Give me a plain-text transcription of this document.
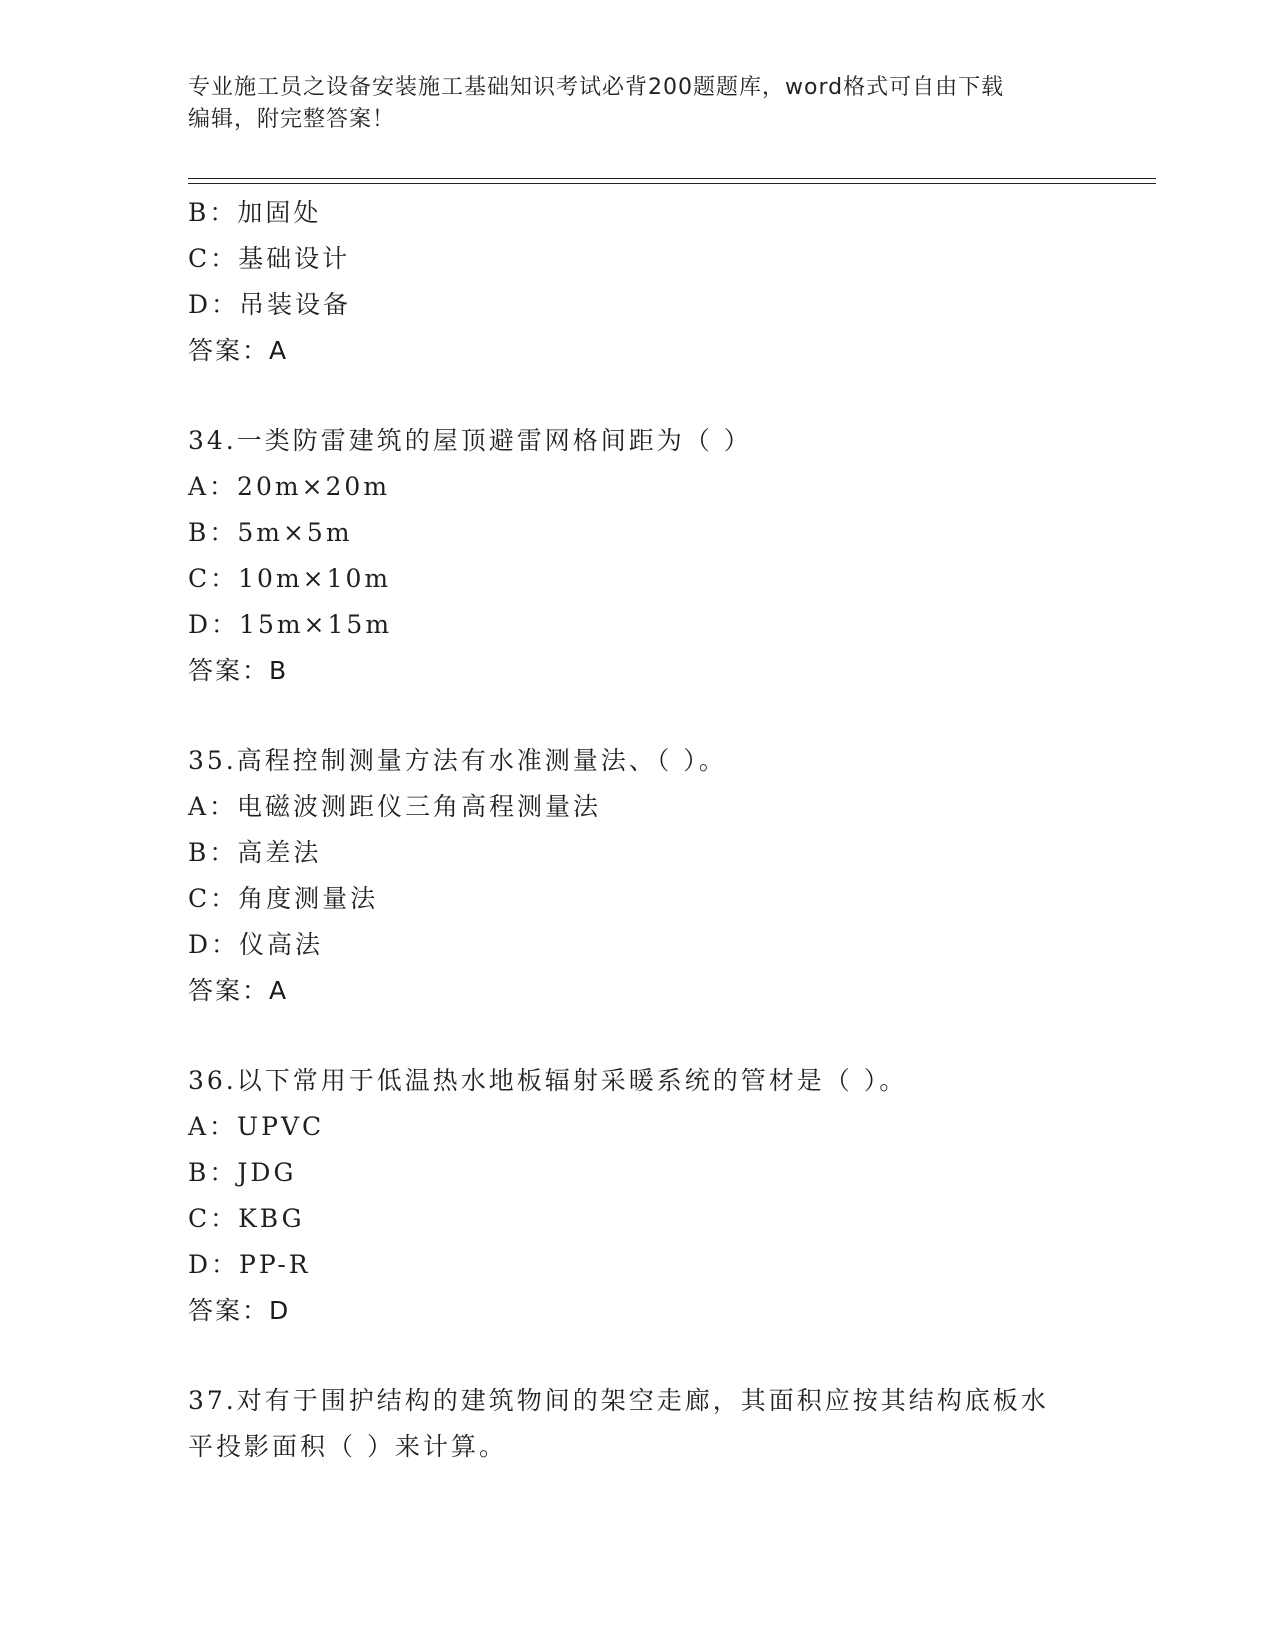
专业施工员之设备安装施工基础知识考试必背200题题库，word格式可自由下载
编辑，附完整答案！
B：加固处
C：基础设计
D：吊装设备
答案：A
34.一类防雷建筑的屋顶避雷网格间距为（ ）
A：20m×20m
B：5m×5m
C：10m×10m
D：15m×15m
答案：B
35.高程控制测量方法有水准测量法、（ ）。
A：电磁波测距仪三角高程测量法
B：高差法
C：角度测量法
D：仪高法
答案：A
36.以下常用于低温热水地板辐射采暖系统的管材是（ ）。
A：UPVC
B：JDG
C：KBG
D：PP-R
答案：D
37.对有于围护结构的建筑物间的架空走廊，其面积应按其结构底板水
平投影面积（ ）来计算。
